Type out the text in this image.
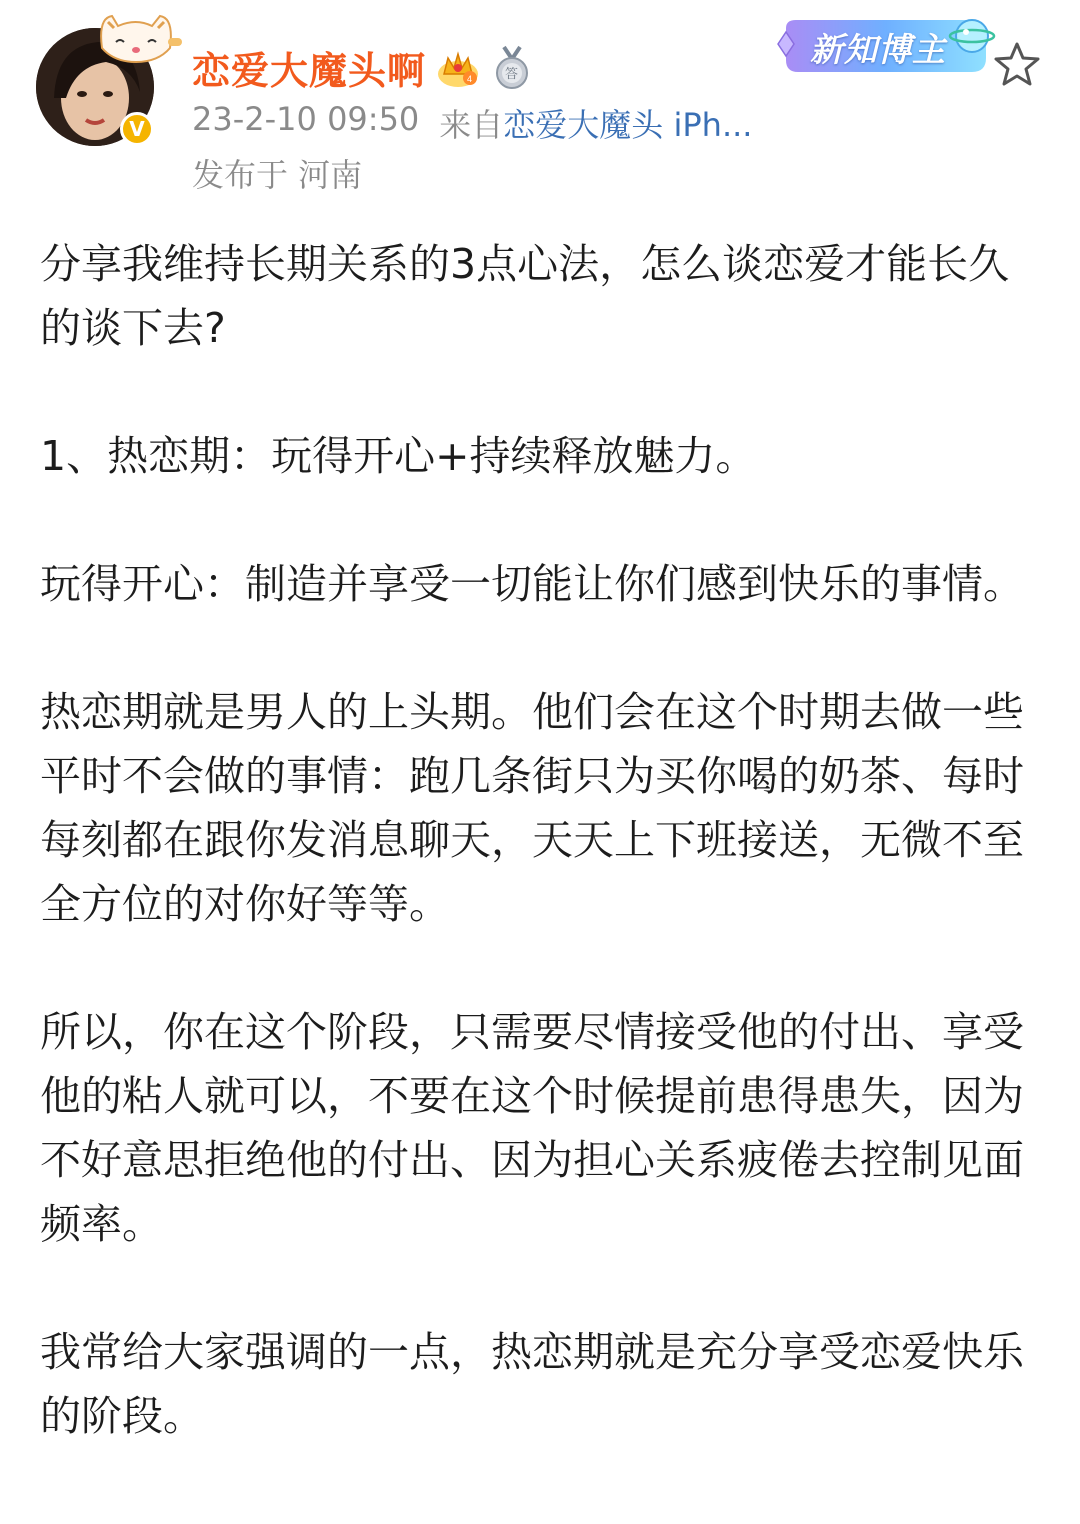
V
恋爱大魔头啊	4	答
23-2-10 09:50 来自恋爱大魔头 iPh...
发布于 河南
新知博主

分享我维持长期关系的3点心法，怎么谈恋爱才能长久的谈下去?

1、热恋期：玩得开心+持续释放魅力。

玩得开心：制造并享受一切能让你们感到快乐的事情。

热恋期就是男人的上头期。他们会在这个时期去做一些平时不会做的事情：跑几条街只为买你喝的奶茶、每时每刻都在跟你发消息聊天，天天上下班接送，无微不至全方位的对你好等等。

所以，你在这个阶段，只需要尽情接受他的付出、享受他的粘人就可以，不要在这个时候提前患得患失，因为不好意思拒绝他的付出、因为担心关系疲倦去控制见面频率。

我常给大家强调的一点，热恋期就是充分享受恋爱快乐的阶段。
